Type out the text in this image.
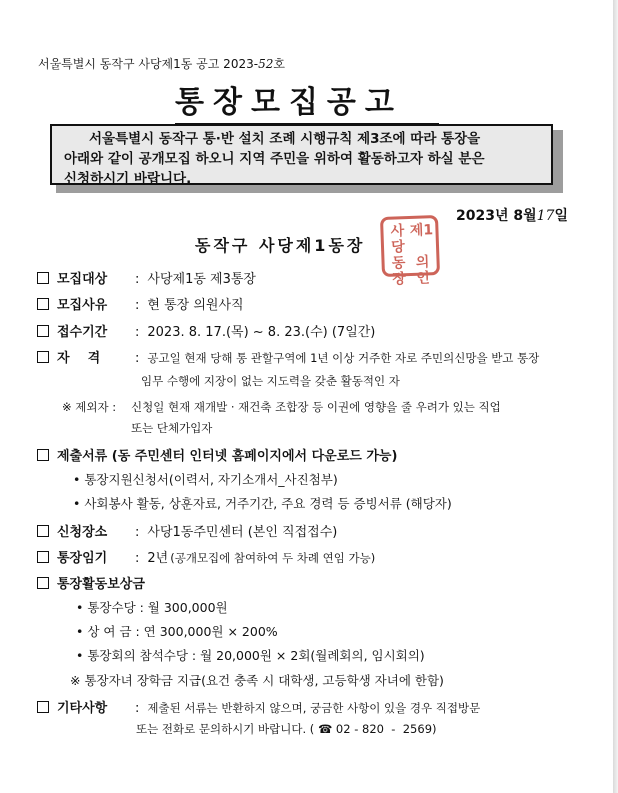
서울특별시 동작구 사당제1동 공고 2023-52호
통장모집공고
서울특별시 동작구 통·반 설치 조례 시행규칙 제3조에 따라 통장을
아래와 같이 공개모집 하오니 지역 주민을 위하여 활동하고자 하실 분은
신청하시기 바랍니다.
2023년 8월17일
동작구 사당제1동장
사당
제1
동장
의인
모집대상	: 사당제1동 제3통장
모집사유	: 현 통장 의원사직
접수기간	: 2023. 8. 17.(목) ~ 8. 23.(수) (7일간)
자    격	: 공고일 현재 당해 통 관할구역에 1년 이상 거주한 자로 주민의신망을 받고 통장
임무 수행에 지장이 없는 지도력을 갖춘 활동적인 자
※ 제외자 : 신청일 현재 재개발 · 재건축 조합장 등 이권에 영향을 줄 우려가 있는 직업
또는 단체가입자
제출서류 (동 주민센터 인터넷 홈페이지에서 다운로드 가능)
• 통장지원신청서(이력서, 자기소개서_사진첨부)
• 사회봉사 활동, 상훈자료, 거주기간, 주요 경력 등 증빙서류 (해당자)
신청장소	: 사당1동주민센터 (본인 직접접수)
통장임기	: 2년 (공개모집에 참여하여 두 차례 연임 가능)
통장활동보상금
• 통장수당 : 월 300,000원
• 상 여 금 : 연 300,000원 × 200%
• 통장회의 참석수당 : 월 20,000원 × 2회(월례회의, 임시회의)
※ 통장자녀 장학금 지급(요건 충족 시 대학생, 고등학생 자녀에 한함)
기타사항	: 제출된 서류는 반환하지 않으며, 궁금한 사항이 있을 경우 직접방문
또는 전화로 문의하시기 바랍니다. ( ☎ 02 - 820  -  2569)
